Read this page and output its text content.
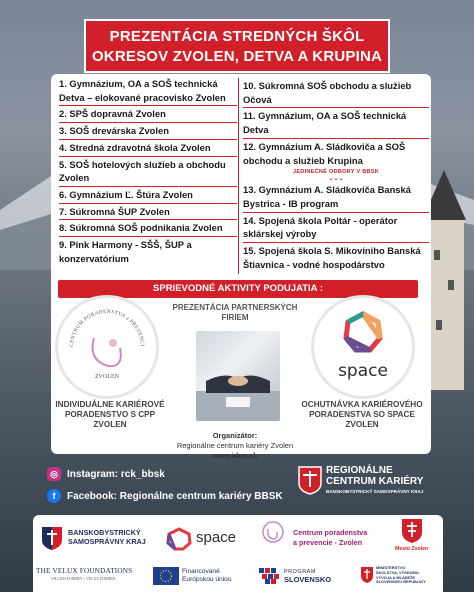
PREZENTÁCIA STREDNÝCH ŠKÔL
OKRESOV ZVOLEN, DETVA A KRUPINA
1. Gymnázium, OA a SOŠ technická Detva – elokované pracovisko Zvolen
2. SPŠ dopravná Zvolen
3. SOŠ drevárska Zvolen
4. Stredná zdravotná škola Zvolen
5. SOŠ hotelových služieb a obchodu Zvolen
6. Gymnázium Ľ. Štúra Zvolen
7. Súkromná ŠUP Zvolen
8. Súkromná SOŠ podnikania Zvolen
9. Pink Harmony - SŠŠ, ŠUP a konzervatórium
10. Súkromná SOŠ obchodu a služieb Očová
11. Gymnázium, OA a SOŠ technická Detva
12. Gymnázium A. Sládkoviča a SOŠ obchodu a služieb Krupina
JEDINEČNÉ ODBORY V BBSK
⌄⌄⌄
13. Gymnázium A. Sládkoviča Banská Bystrica - IB program
14. Spojená škola Poltár - operátor sklárskej výroby
15. Spojená škola S. Mikovíniho Banská Štiavnica - vodné hospodárstvo
SPRIEVODNÉ AKTIVITY PODUJATIA :
CENTRUM PORADENSTVA a PREVENCI
ZVOLEN
PREZENTÁCIA PARTNERSKÝCH FIRIEM
space
INDIVIDUÁLNE KARIÉROVÉ PORADENSTVO S CPP ZVOLEN
OCHUTNÁVKA KARIÉROVÉHO PORADENSTVA SO SPACE ZVOLEN
Organizátor:
Regionálne centrum kariéry Zvolen
www.idns.sk
◎ Instagram: rck_bbsk
f	Facebook: Regionálne centrum kariéry BBSK
REGIONÁLNE
CENTRUM KARIÉRY
BANSKOBYSTRICKÝ SAMOSPRÁVNY KRAJ
BANSKOBYSTRICKÝ
SAMOSPRÁVNY KRAJ	space	Centrum poradenstva
a prevencie - Zvolen
Mesto Zvolen
THE VELUX FOUNDATIONS
VILLUM FONDEN × VELUX FONDEN
Financované
Európskou úniou
PROGRAM
SLOVENSKO
MINISTERSTVO
ŠKOLSTVA, VÝSKUMU,
VÝVOJA A MLÁDEŽE
SLOVENSKEJ REPUBLIKY
